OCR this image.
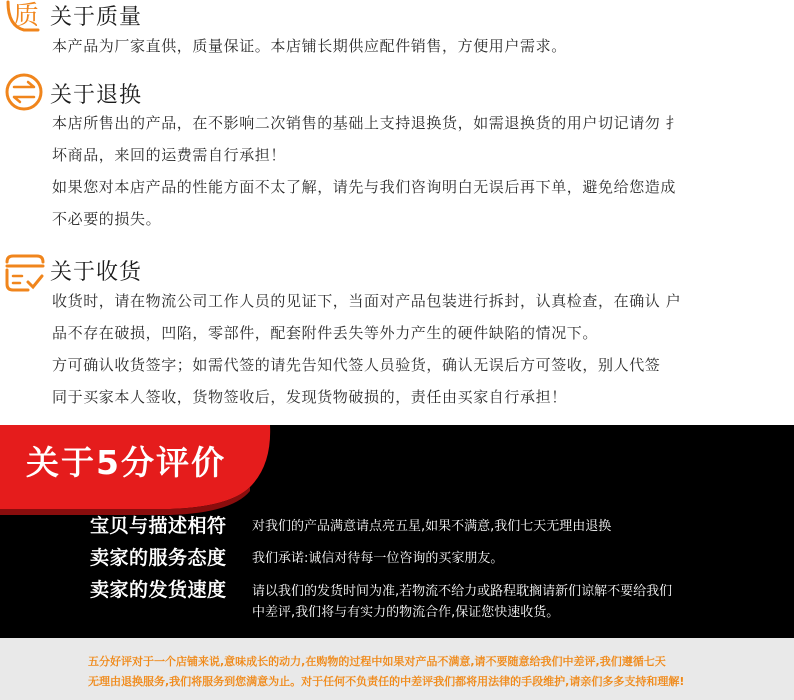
质 关于质量
本产品为厂家直供，质量保证。本店铺长期供应配件销售，方便用户需求。
关于退换
本店所售出的产品，在不影响二次销售的基础上支持退换货，如需退换货的用户切记请勿 扌
坏商品，来回的运费需自行承担！
如果您对本店产品的性能方面不太了解，请先与我们咨询明白无误后再下单，避免给您造成
不必要的损失。
关于收货
收货时，请在物流公司工作人员的见证下，当面对产品包装进行拆封，认真检查，在确认 户
品不存在破损，凹陷，零部件，配套附件丢失等外力产生的硬件缺陷的情况下。
方可确认收货签字；如需代签的请先告知代签人员验货，确认无误后方可签收，别人代签
同于买家本人签收，货物签收后，发现货物破损的，责任由买家自行承担！
关于5分评价
宝贝与描述相符 对我们的产品满意请点亮五星,如果不满意,我们七天无理由退换
卖家的服务态度 我们承诺:诚信对待每一位咨询的买家朋友。
卖家的发货速度 请以我们的发货时间为准,若物流不给力或路程耽搁请新们谅解不要给我们
中差评,我们将与有实力的物流合作,保证您快速收货。
五分好评对于一个店铺来说,意味成长的动力,在购物的过程中如果对产品不满意,请不要随意给我们中差评,我们遵循七天
无理由退换服务,我们将服务到您满意为止。对于任何不负责任的中差评我们都将用法律的手段维护,请亲们多多支持和理解!
